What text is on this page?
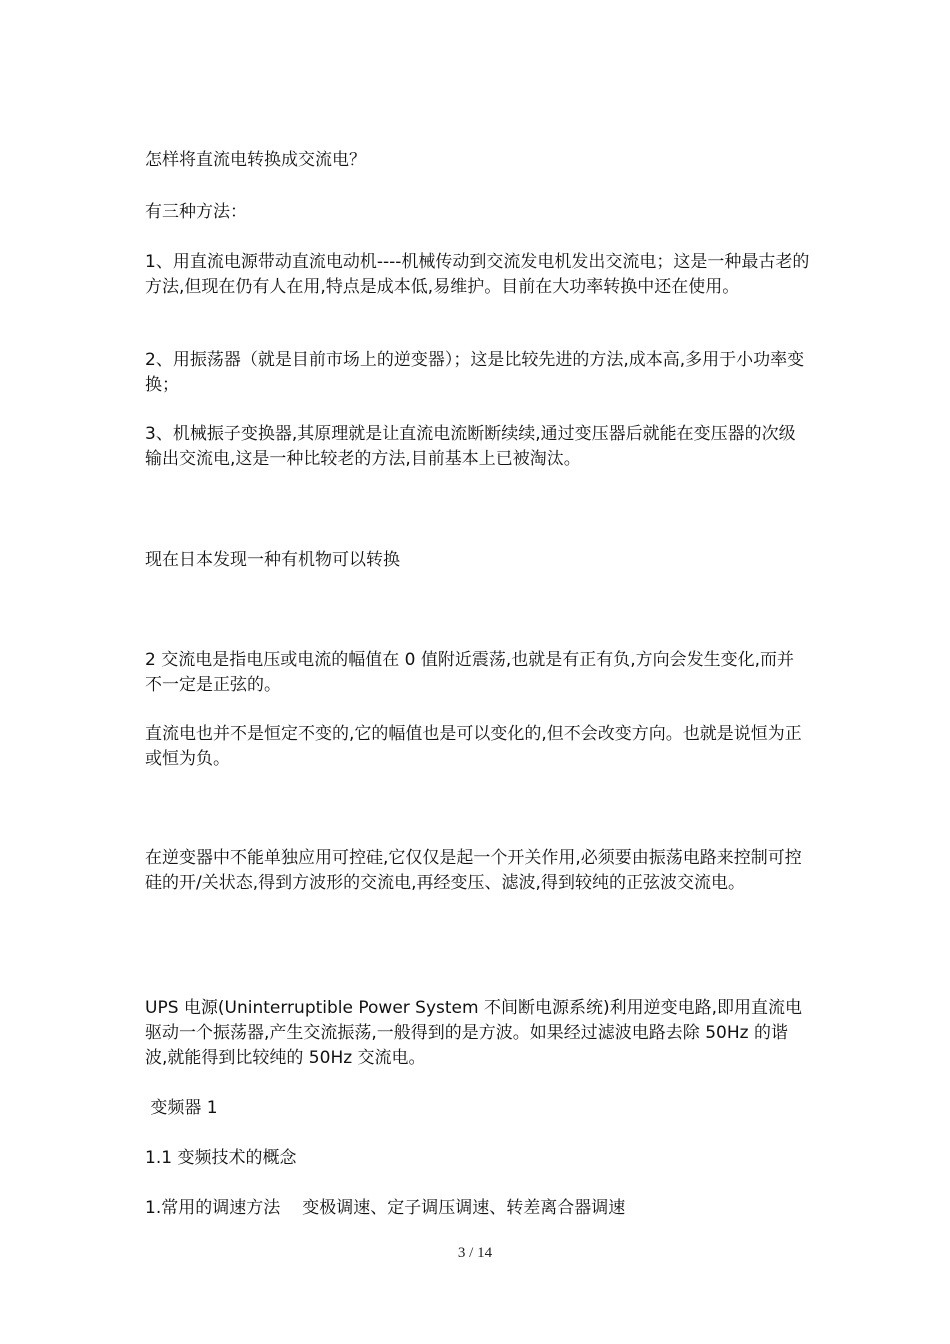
怎样将直流电转换成交流电？

有三种方法：

1、用直流电源带动直流电动机----机械传动到交流发电机发出交流电；这是一种最古老的方法,但现在仍有人在用,特点是成本低,易维护。目前在大功率转换中还在使用。

2、用振荡器（就是目前市场上的逆变器）；这是比较先进的方法,成本高,多用于小功率变换；

3、机械振子变换器,其原理就是让直流电流断断续续,通过变压器后就能在变压器的次级输出交流电,这是一种比较老的方法,目前基本上已被淘汰。

现在日本发现一种有机物可以转换

2 交流电是指电压或电流的幅值在 0 值附近震荡,也就是有正有负,方向会发生变化,而并不一定是正弦的。

直流电也并不是恒定不变的,它的幅值也是可以变化的,但不会改变方向。也就是说恒为正或恒为负。

在逆变器中不能单独应用可控硅,它仅仅是起一个开关作用,必须要由振荡电路来控制可控硅的开/关状态,得到方波形的交流电,再经变压、滤波,得到较纯的正弦波交流电。

UPS 电源(Uninterruptible Power System 不间断电源系统)利用逆变电路,即用直流电驱动一个振荡器,产生交流振荡,一般得到的是方波。如果经过滤波电路去除 50Hz 的谐波,就能得到比较纯的 50Hz 交流电。

变频器 1

1.1 变频技术的概念

1.常用的调速方法 变极调速、定子调压调速、转差离合器调速

3 / 14
